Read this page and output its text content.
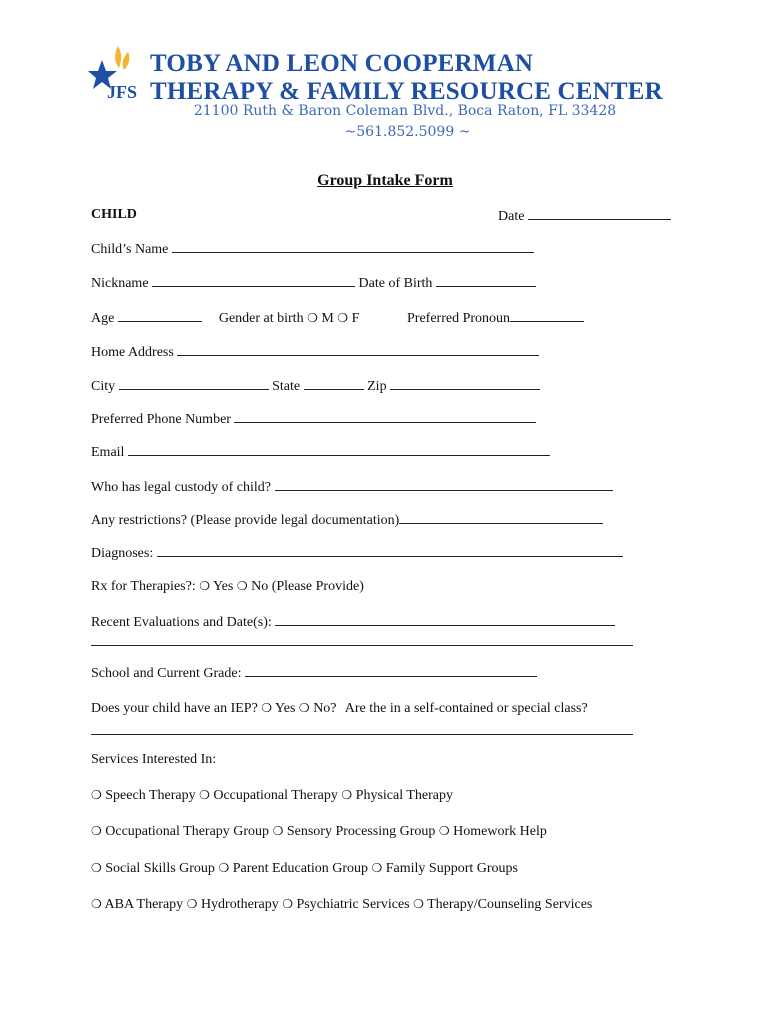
JFS
TOBY AND LEON COOPERMAN
THERAPY & FAMILY RESOURCE CENTER
21100 Ruth & Baron Coleman Blvd., Boca Raton, FL 33428
~561.852.5099 ~
Group Intake Form
CHILD	Date
Child’s Name
Nickname	Date of Birth
Age	Gender at birth ❍ M ❍ F	Preferred Pronoun
Home Address
City	State	Zip
Preferred Phone Number
Email
Who has legal custody of child?
Any restrictions? (Please provide legal documentation)
Diagnoses:
Rx for Therapies?: ❍ Yes ❍ No (Please Provide)
Recent Evaluations and Date(s):
School and Current Grade:
Does your child have an IEP? ❍ Yes ❍ No? Are the in a self-contained or special class?
Services Interested In:
❍ Speech Therapy ❍ Occupational Therapy ❍ Physical Therapy
❍ Occupational Therapy Group ❍ Sensory Processing Group ❍ Homework Help
❍ Social Skills Group ❍ Parent Education Group ❍ Family Support Groups
❍ ABA Therapy ❍ Hydrotherapy ❍ Psychiatric Services ❍ Therapy/Counseling Services
